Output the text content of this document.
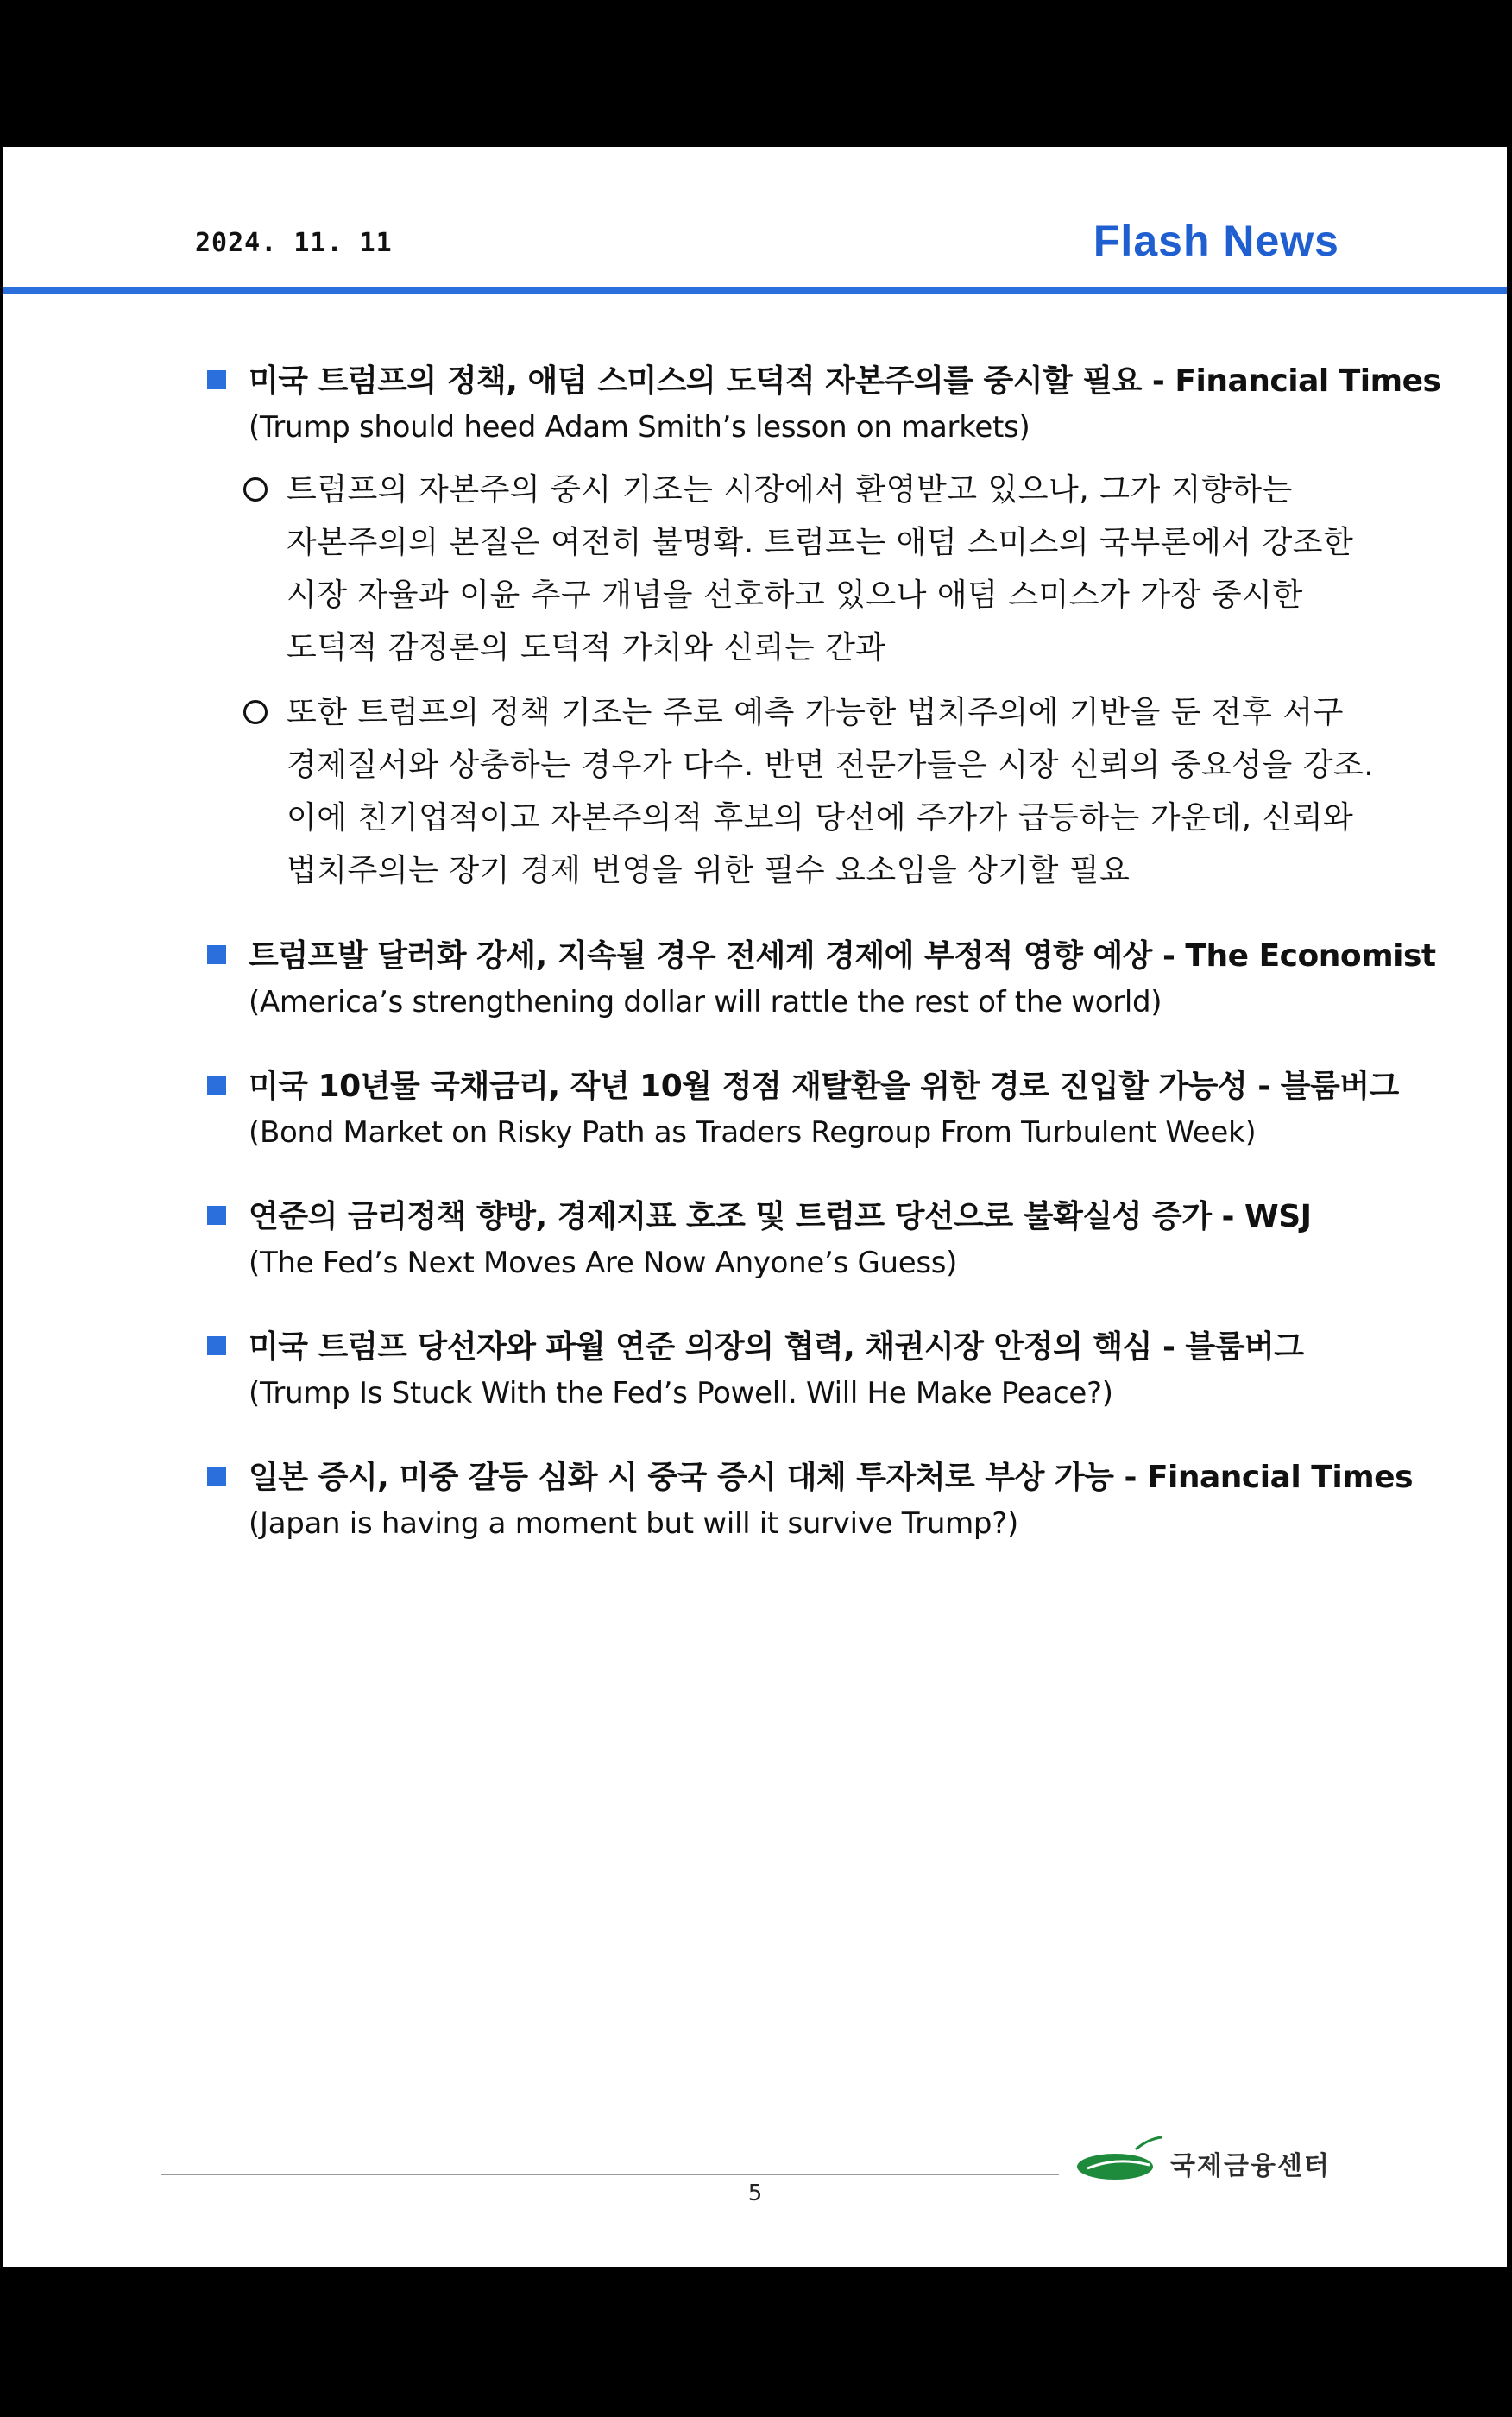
2024. 11. 11	Flash News
미국 트럼프의 정책, 애덤 스미스의 도덕적 자본주의를 중시할 필요 - Financial Times
(Trump should heed Adam Smith’s lesson on markets)
트럼프의 자본주의 중시 기조는 시장에서 환영받고 있으나, 그가 지향하는
자본주의의 본질은 여전히 불명확. 트럼프는 애덤 스미스의 국부론에서 강조한
시장 자율과 이윤 추구 개념을 선호하고 있으나 애덤 스미스가 가장 중시한
도덕적 감정론의 도덕적 가치와 신뢰는 간과
또한 트럼프의 정책 기조는 주로 예측 가능한 법치주의에 기반을 둔 전후 서구
경제질서와 상충하는 경우가 다수. 반면 전문가들은 시장 신뢰의 중요성을 강조.
이에 친기업적이고 자본주의적 후보의 당선에 주가가 급등하는 가운데, 신뢰와
법치주의는 장기 경제 번영을 위한 필수 요소임을 상기할 필요
트럼프발 달러화 강세, 지속될 경우 전세계 경제에 부정적 영향 예상 - The Economist
(America’s strengthening dollar will rattle the rest of the world)
미국 10년물 국채금리, 작년 10월 정점 재탈환을 위한 경로 진입할 가능성 - 블룸버그
(Bond Market on Risky Path as Traders Regroup From Turbulent Week)
연준의 금리정책 향방, 경제지표 호조 및 트럼프 당선으로 불확실성 증가 - WSJ
(The Fed’s Next Moves Are Now Anyone’s Guess)
미국 트럼프 당선자와 파월 연준 의장의 협력, 채권시장 안정의 핵심 - 블룸버그
(Trump Is Stuck With the Fed’s Powell. Will He Make Peace?)
일본 증시, 미중 갈등 심화 시 중국 증시 대체 투자처로 부상 가능 - Financial Times
(Japan is having a moment but will it survive Trump?)
5
국제금융센터
